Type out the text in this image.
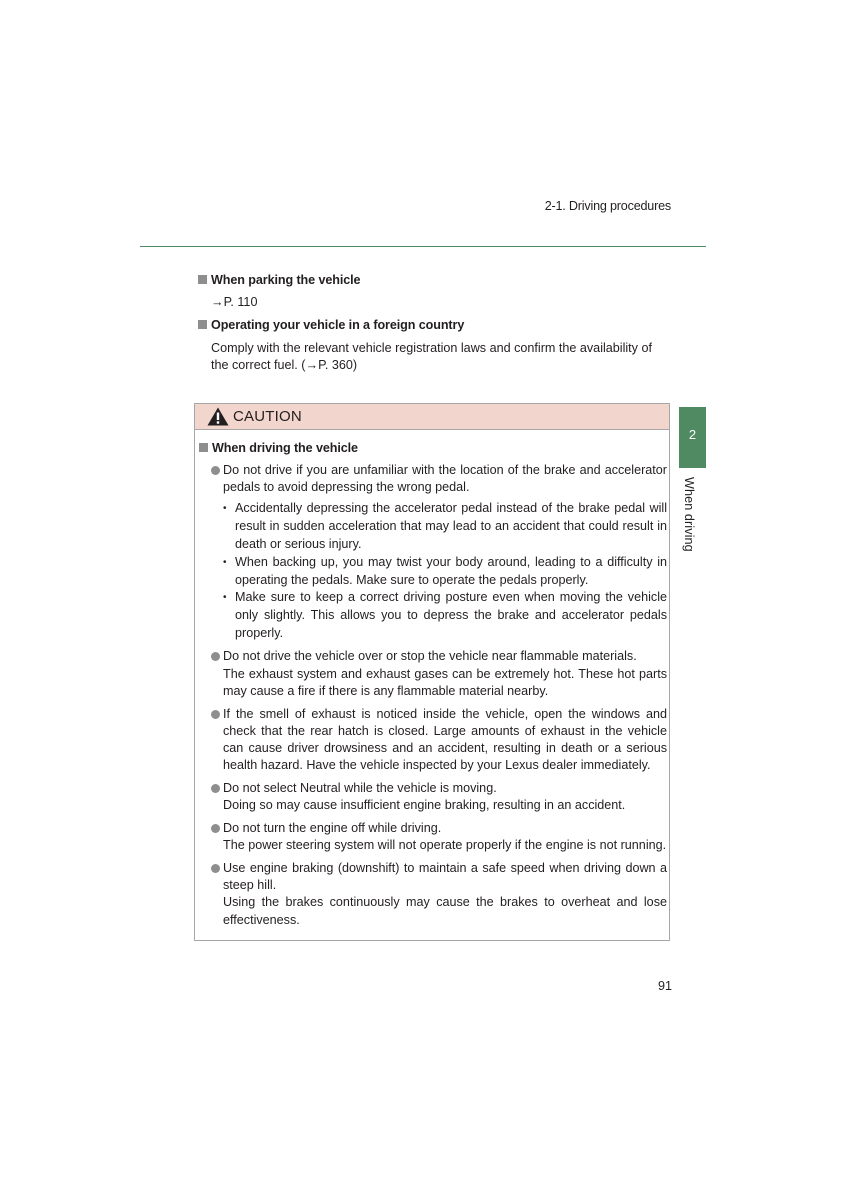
2-1. Driving procedures
2
When driving
When parking the vehicle
→P. 110
Operating your vehicle in a foreign country
Comply with the relevant vehicle registration laws and confirm the availability of the correct fuel. (→P. 360)
CAUTION
When driving the vehicle
Do not drive if you are unfamiliar with the location of the brake and accelerator pedals to avoid depressing the wrong pedal.
• Accidentally depressing the accelerator pedal instead of the brake pedal will result in sudden acceleration that may lead to an accident that could result in death or serious injury.
• When backing up, you may twist your body around, leading to a difficulty in operating the pedals. Make sure to operate the pedals properly.
• Make sure to keep a correct driving posture even when moving the vehicle only slightly. This allows you to depress the brake and accelerator pedals properly.
Do not drive the vehicle over or stop the vehicle near flammable materials.
The exhaust system and exhaust gases can be extremely hot. These hot parts may cause a fire if there is any flammable material nearby.
If the smell of exhaust is noticed inside the vehicle, open the windows and check that the rear hatch is closed. Large amounts of exhaust in the vehicle can cause driver drowsiness and an accident, resulting in death or a serious health hazard. Have the vehicle inspected by your Lexus dealer immediately.
Do not select Neutral while the vehicle is moving.
Doing so may cause insufficient engine braking, resulting in an accident.
Do not turn the engine off while driving.
The power steering system will not operate properly if the engine is not running.
Use engine braking (downshift) to maintain a safe speed when driving down a steep hill.
Using the brakes continuously may cause the brakes to overheat and lose effectiveness.
91
